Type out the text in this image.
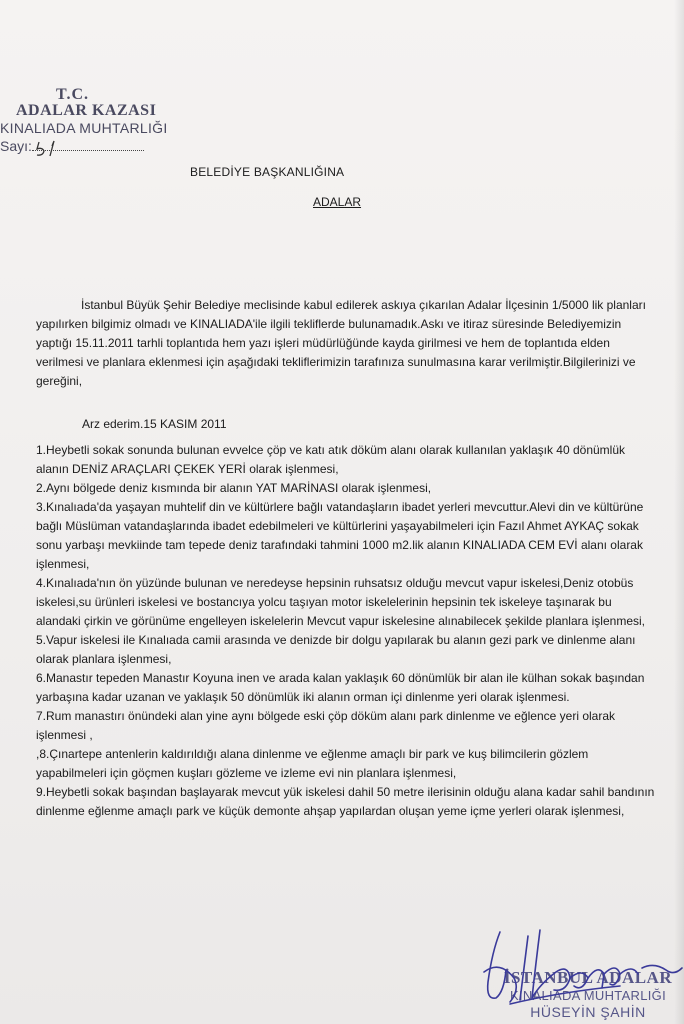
T.C.
ADALAR KAZASI
KINALIADA MUHTARLIĞI
Sayı:
BELEDİYE BAŞKANLIĞINA
ADALAR

İstanbul Büyük Şehir Belediye meclisinde kabul edilerek askıya çıkarılan Adalar İlçesinin 1/5000 lik planları yapılırken bilgimiz olmadı ve KINALIADA'ile ilgili tekliflerde bulunamadık.Askı ve itiraz süresinde Belediyemizin yaptığı 15.11.2011 tarhli toplantıda hem yazı işleri müdürlüğünde kayda girilmesi ve hem de toplantıda elden verilmesi ve planlara eklenmesi için aşağıdaki tekliflerimizin tarafınıza sunulmasına karar verilmiştir.Bilgilerinizi ve gereğini,

Arz ederim.15 KASIM 2011

1.Heybetli sokak sonunda bulunan evvelce çöp ve katı atık döküm alanı olarak kullanılan yaklaşık 40 dönümlük alanın DENİZ ARAÇLARI ÇEKEK YERİ olarak işlenmesi,

2.Aynı bölgede deniz kısmında bir alanın YAT MARİNASI olarak işlenmesi,

3.Kınalıada'da yaşayan muhtelif din ve kültürlere bağlı vatandaşların ibadet yerleri mevcuttur.Alevi din ve kültürüne bağlı Müslüman vatandaşlarında ibadet edebilmeleri ve kültürlerini yaşayabilmeleri için Fazıl Ahmet AYKAÇ sokak sonu yarbaşı mevkiinde tam tepede deniz tarafındaki tahmini 1000 m2.lik alanın KINALIADA CEM EVİ alanı olarak işlenmesi,

4.Kınalıada'nın ön yüzünde bulunan ve neredeyse hepsinin ruhsatsız olduğu mevcut vapur iskelesi,Deniz otobüs iskelesi,su ürünleri iskelesi ve bostancıya yolcu taşıyan motor iskelelerinin hepsinin tek iskeleye taşınarak bu alandaki çirkin ve görünüme engelleyen iskelelerin Mevcut vapur iskelesine alınabilecek şekilde planlara işlenmesi,

5.Vapur iskelesi ile Kınalıada camii arasında ve denizde bir dolgu yapılarak bu alanın gezi park ve dinlenme alanı olarak planlara işlenmesi,

6.Manastır tepeden Manastır Koyuna inen ve arada kalan yaklaşık 60 dönümlük bir alan ile külhan sokak başından yarbaşına kadar uzanan ve yaklaşık 50 dönümlük iki alanın orman içi dinlenme yeri olarak işlenmesi.

7.Rum manastırı önündeki alan yine aynı bölgede eski çöp döküm alanı park dinlenme ve eğlence yeri olarak işlenmesi ,

,8.Çınartepe antenlerin kaldırıldığı alana dinlenme ve eğlenme amaçlı bir park ve kuş bilimcilerin gözlem yapabilmeleri için göçmen kuşları gözleme ve izleme evi nin planlara işlenmesi,

9.Heybetli sokak başından başlayarak mevcut yük iskelesi dahil 50 metre ilerisinin olduğu alana kadar sahil bandının dinlenme eğlenme amaçlı park ve küçük demonte ahşap yapılardan oluşan yeme içme yerleri olarak işlenmesi,

İSTANBUL ADALAR
KINALIADA MUHTARLIĞI
HÜSEYİN ŞAHİN
